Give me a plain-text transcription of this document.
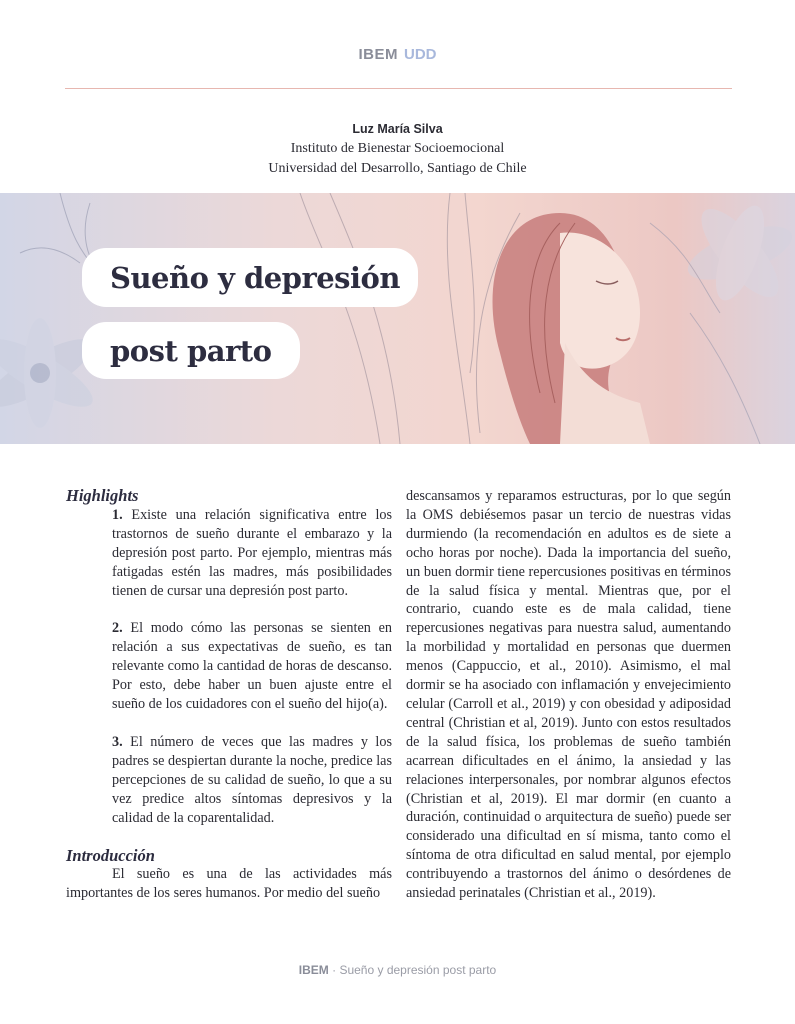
IBEM UDD
Luz María Silva
Instituto de Bienestar Socioemocional
Universidad del Desarrollo, Santiago de Chile
Sueño y depresión
post parto

Highlights

1. Existe una relación significativa entre los trastornos de sueño durante el embarazo y la depresión post parto. Por ejemplo, mientras más fatigadas estén las madres, más posibilidades tienen de cursar una depresión post parto.

2. El modo cómo las personas se sienten en relación a sus expectativas de sueño, es tan relevante como la cantidad de horas de descanso. Por esto, debe haber un buen ajuste entre el sueño de los cuidadores con el sueño del hijo(a).

3. El número de veces que las madres y los padres se despiertan durante la noche, predice las percepciones de su calidad de sueño, lo que a su vez predice altos síntomas depresivos y la calidad de la coparentalidad.

Introducción

El sueño es una de las actividades más importantes de los seres humanos. Por medio del sueño

descansamos y reparamos estructuras, por lo que según la OMS debiésemos pasar un tercio de nuestras vidas durmiendo (la recomendación en adultos es de siete a ocho horas por noche). Dada la importancia del sueño, un buen dormir tiene repercusiones positivas en términos de la salud física y mental. Mientras que, por el contrario, cuando este es de mala calidad, tiene repercusiones negativas para nuestra salud, aumentando la morbilidad y mortalidad en personas que duermen menos (Cappuccio, et al., 2010). Asimismo, el mal dormir se ha asociado con inflamación y envejecimiento celular (Carroll et al., 2019) y con obesidad y adiposidad central (Christian et al, 2019). Junto con estos resultados de la salud física, los problemas de sueño también acarrean dificultades en el ánimo, la ansiedad y las relaciones interpersonales, por nombrar algunos efectos (Christian et al, 2019). El mar dormir (en cuanto a duración, continuidad o arquitectura de sueño) puede ser considerado una dificultad en sí misma, tanto como el síntoma de otra dificultad en salud mental, por ejemplo contribuyendo a trastornos del ánimo o desórdenes de ansiedad perinatales (Christian et al., 2019).

IBEM · Sueño y depresión post parto
